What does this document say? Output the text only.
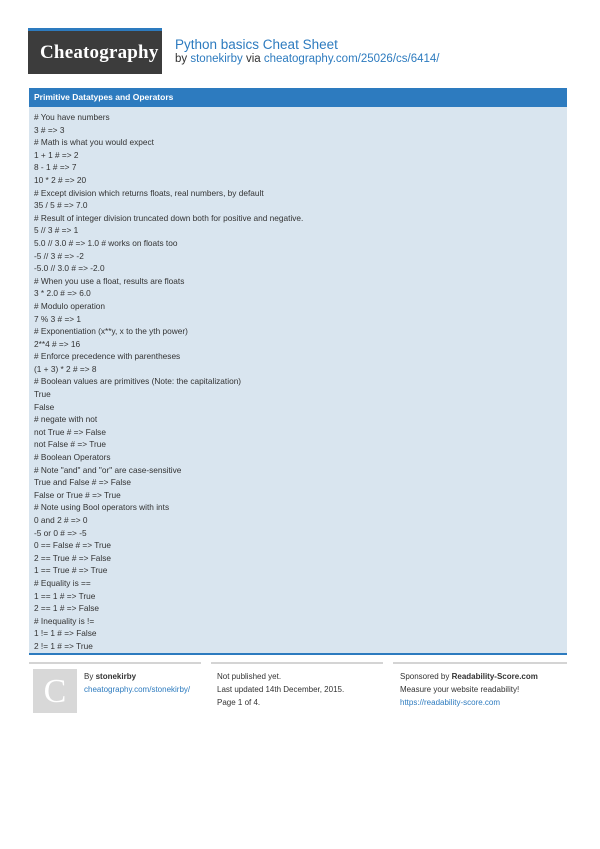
Cheatography Python basics Cheat Sheet
by stonekirby via cheatography.com/25026/cs/6414/
Primitive Datatypes and Operators
# You have numbers
3 # => 3
# Math is what you would expect
1 + 1 # => 2
8 - 1 # => 7
10 * 2 # => 20
# Except division which returns floats, real numbers, by default
35 / 5 # => 7.0
# Result of integer division truncated down both for positive and negative.
5 // 3 # => 1
5.0 // 3.0 # => 1.0 # works on floats too
-5 // 3 # => -2
-5.0 // 3.0 # => -2.0
# When you use a float, results are floats
3 * 2.0 # => 6.0
# Modulo operation
7 % 3 # => 1
# Exponentiation (x**y, x to the yth power)
2**4 # => 16
# Enforce precedence with parentheses
(1 + 3) * 2 # => 8
# Boolean values are primitives (Note: the capitalization)
True
False
# negate with not
not True # => False
not False # => True
# Boolean Operators
# Note "and" and "or" are case-sensitive
True and False # => False
False or True # => True
# Note using Bool operators with ints
0 and 2 # => 0
-5 or 0 # => -5
0 == False # => True
2 == True # => False
1 == True # => True
# Equality is ==
1 == 1 # => True
2 == 1 # => False
# Inequality is !=
1 != 1 # => False
2 != 1 # => True
C	By stonekirby
cheatography.com/stonekirby/
Not published yet.
Last updated 14th December, 2015.
Page 1 of 4.
Sponsored by Readability-Score.com
Measure your website readability!
https://readability-score.com
